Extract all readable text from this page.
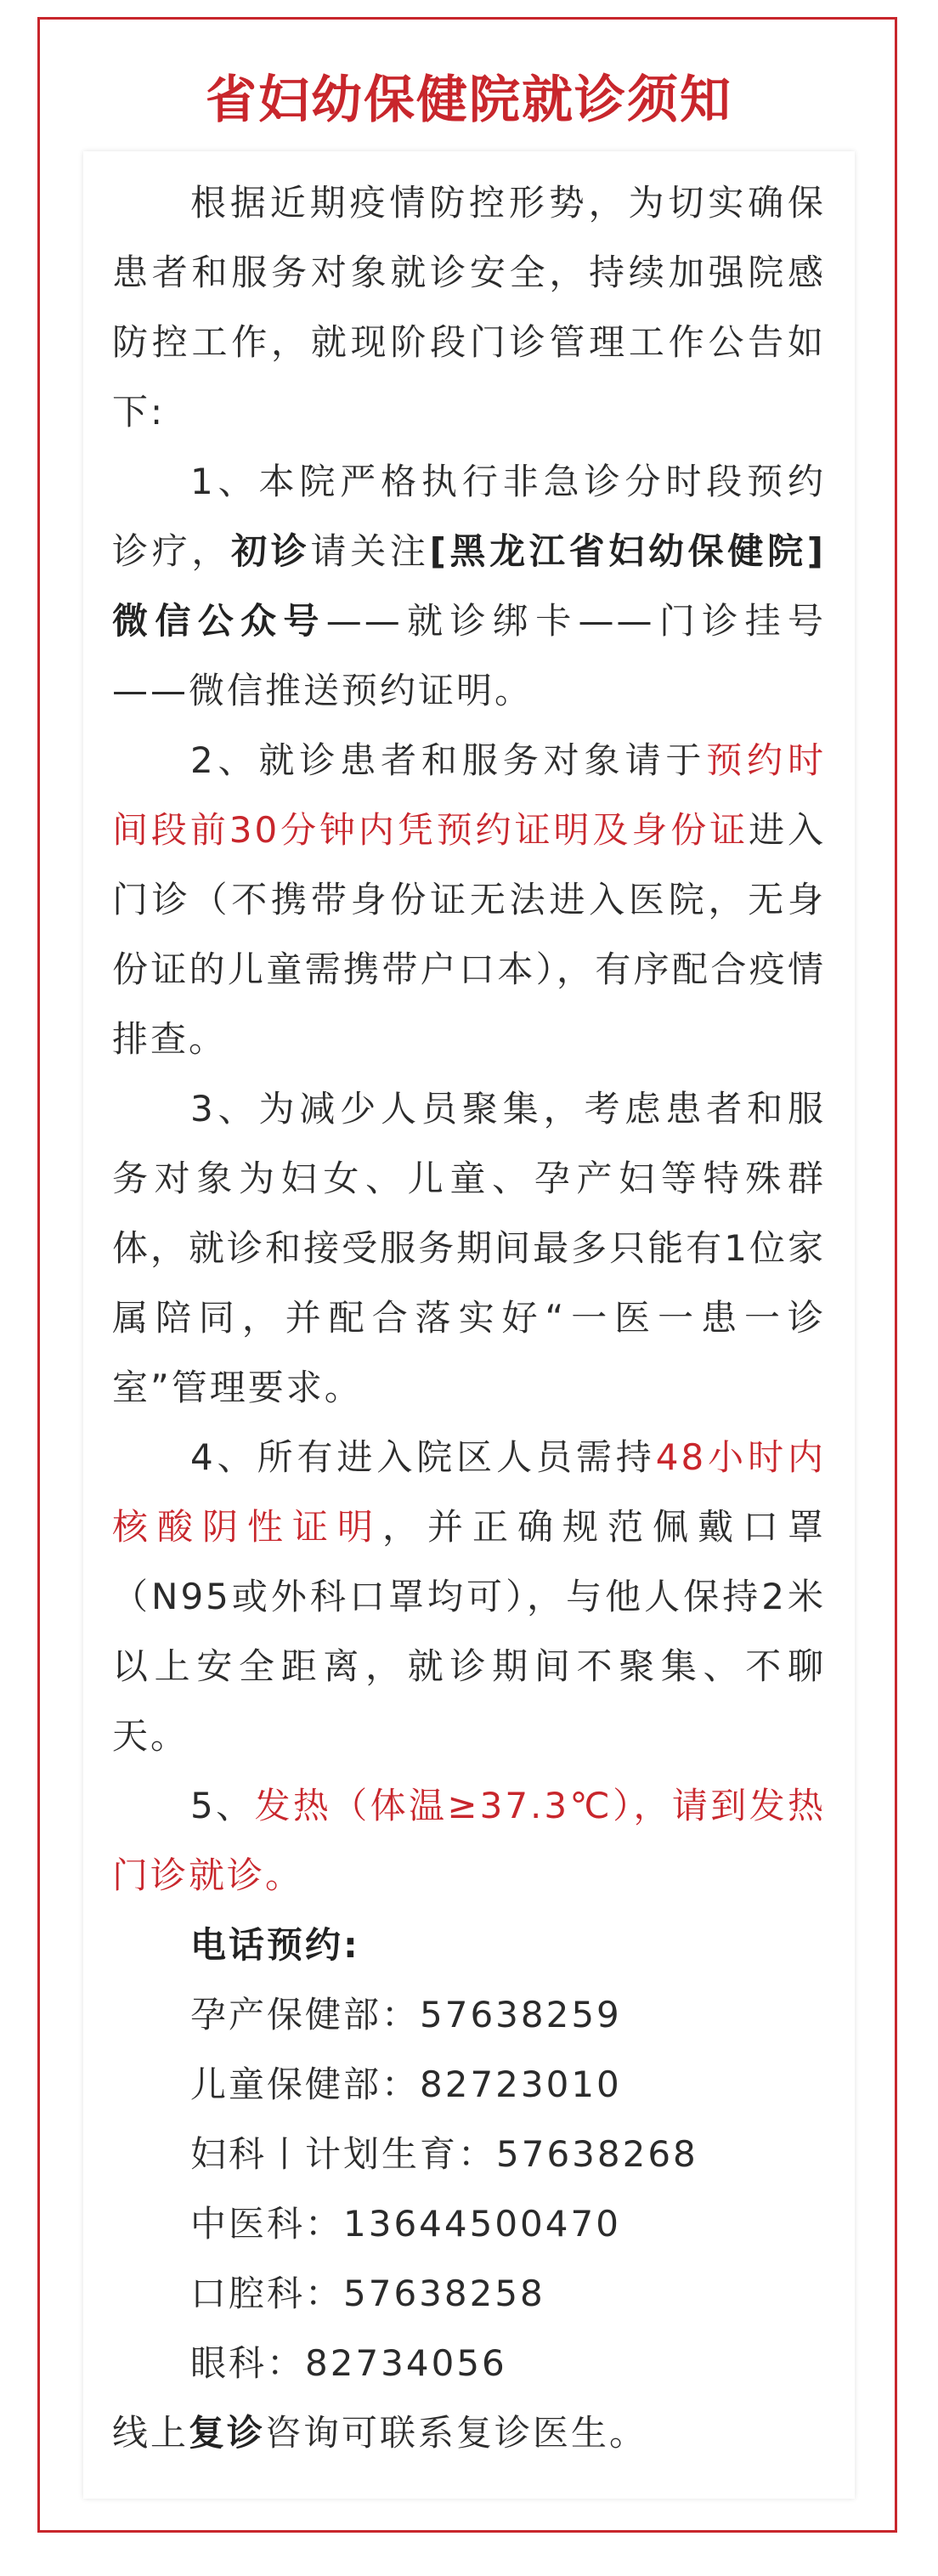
省妇幼保健院就诊须知

根据近期疫情防控形势，为切实确保患者和服务对象就诊安全，持续加强院感防控工作，就现阶段门诊管理工作公告如下:

1、本院严格执行非急诊分时段预约诊疗，初诊请关注[黑龙江省妇幼保健院]微信公众号——就诊绑卡——门诊挂号——微信推送预约证明。

2、就诊患者和服务对象请于预约时间段前30分钟内凭预约证明及身份证进入门诊（不携带身份证无法进入医院，无身份证的儿童需携带户口本），有序配合疫情排查。

3、为减少人员聚集，考虑患者和服务对象为妇女、儿童、孕产妇等特殊群体，就诊和接受服务期间最多只能有1位家属陪同，并配合落实好“一医一患一诊室”管理要求。

4、所有进入院区人员需持48小时内核酸阴性证明，并正确规范佩戴口罩（N95或外科口罩均可），与他人保持2米以上安全距离，就诊期间不聚集、不聊天。

5、发热（体温≥37.3℃），请到发热门诊就诊。

电话预约:

孕产保健部：57638259

儿童保健部：82723010

妇科丨计划生育：57638268

中医科：13644500470

口腔科：57638258

眼科：82734056

线上复诊咨询可联系复诊医生。
